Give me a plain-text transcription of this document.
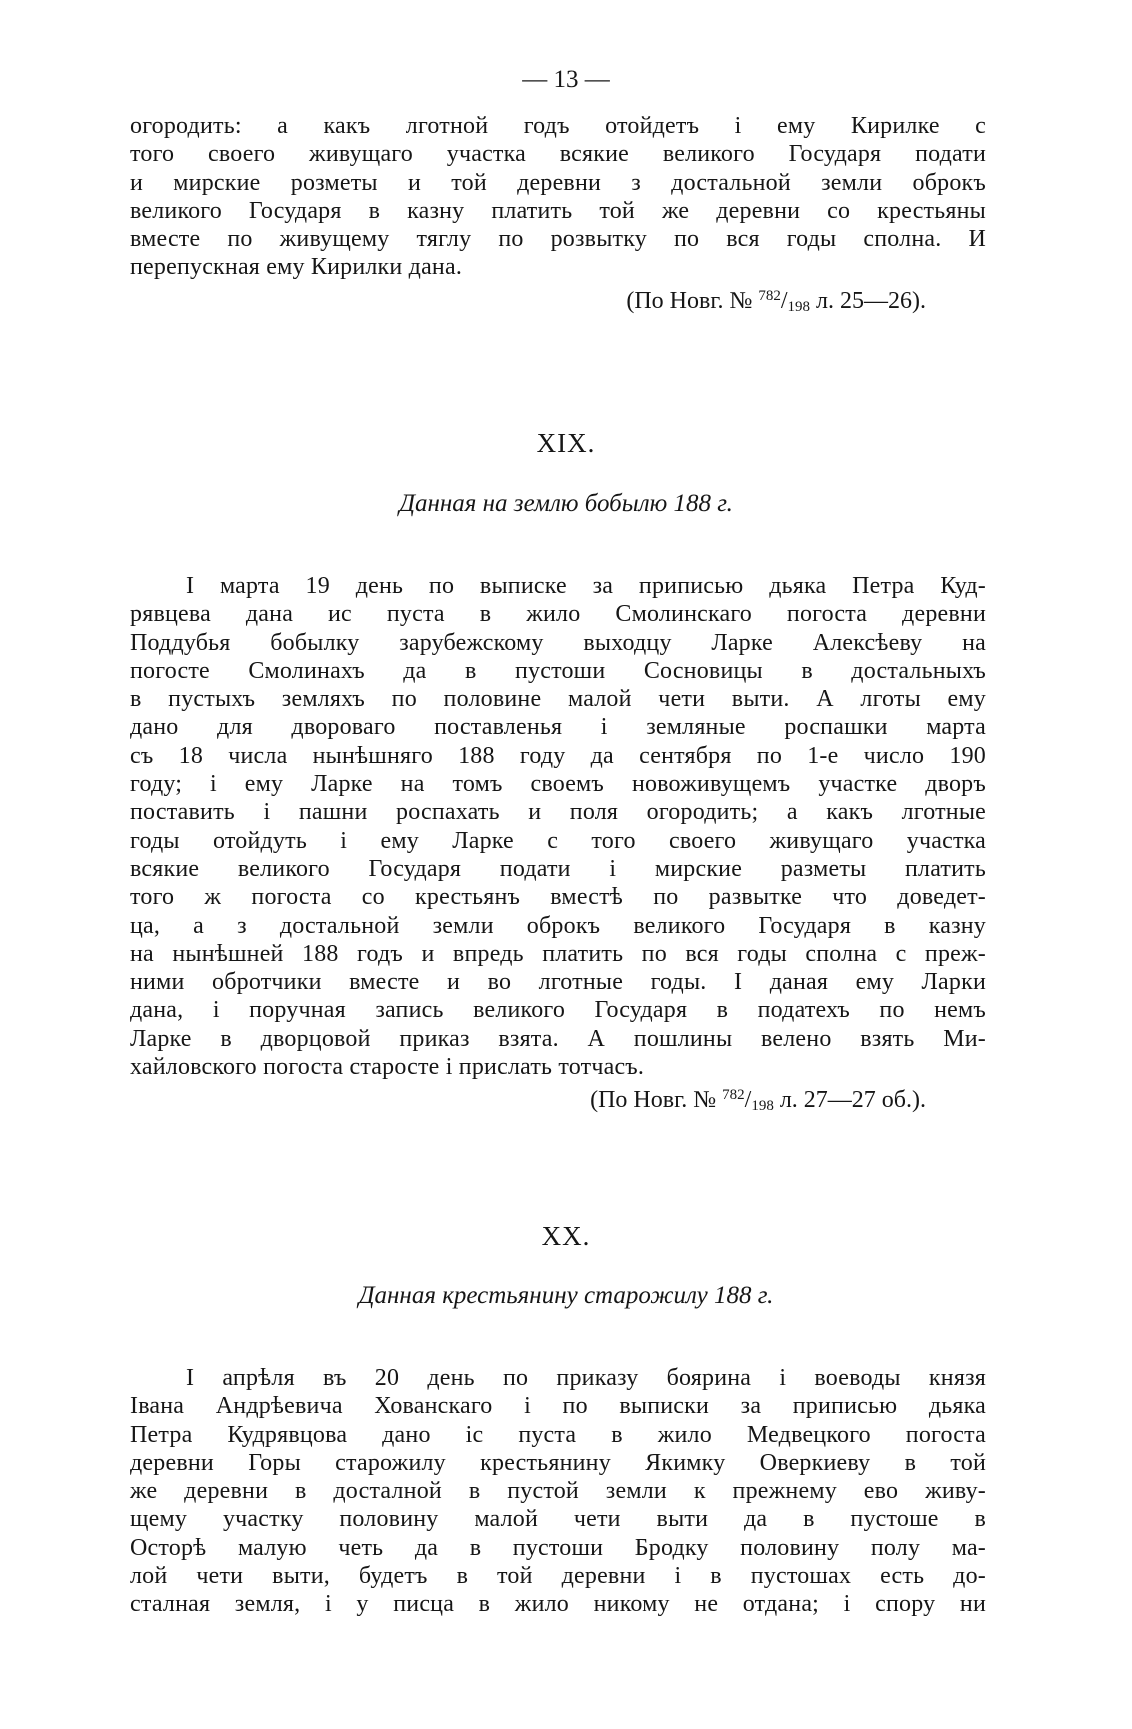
— 13 —
огородить: а какъ лготной годъ отойдетъ і ему Кирилке с
того своего живущаго участка всякие великого Государя подати
и мирские розметы и той деревни з достальной земли оброкъ
великого Государя в казну платить той же деревни со крестьяны
вместе по живущему тяглу по розвытку по вся годы сполна. И
перепускная ему Кирилки дана.
(По Новг. № $^{782}/_{198}$ л. 25—26).
XIX.
Данная на землю бобылю 188 г.
І марта 19 день по выписке за приписью дьяка Петра Куд-
рявцева дана ис пуста в жило Смолинскаго погоста деревни
Поддубья бобылку зарубежскому выходцу Ларке Алексѣеву на
погосте Смолинахъ да в пустоши Сосновицы в достальныхъ
в пустыхъ земляхъ по половине малой чети выти. А лготы ему
дано для двороваго поставленья і земляные роспашки марта
съ 18 числа нынѣшняго 188 году да сентября по 1-е число 190
году; і ему Ларке на томъ своемъ новоживущемъ участке дворъ
поставить і пашни роспахать и поля огородить; а какъ лготные
годы отойдуть і ему Ларке с того своего живущаго участка
всякие великого Государя подати і мирские разметы платить
того ж погоста со крестьянъ вместѣ по развытке что доведет-
ца, а з достальной земли оброкъ великого Государя в казну
на нынѣшней 188 годъ и впредь платить по вся годы сполна с преж-
ними обротчики вместе и во лготные годы. І даная ему Ларки
дана, і поручная запись великого Государя в податехъ по немъ
Ларке в дворцовой приказ взята. А пошлины велено взять Ми-
хайловского погоста старосте і прислать тотчасъ.
(По Новг. № $^{782}/_{198}$ л. 27—27 об.).
XX.
Данная крестьянину старожилу 188 г.
І апрѣля въ 20 день по приказу боярина і воеводы князя
Івана Андрѣевича Хованскаго і по выписки за приписью дьяка
Петра Кудрявцова дано іс пуста в жило Медвецкого погоста
деревни Горы старожилу крестьянину Якимку Оверкиеву в той
же деревни в досталной в пустой земли к прежнему ево живу-
щему участку половину малой чети выти да в пустоше в
Осторѣ малую четь да в пустоши Бродку половину полу ма-
лой чети выти, будетъ в той деревни і в пустошах есть до-
сталная земля, і у писца в жило никому не отдана; і спору ни
